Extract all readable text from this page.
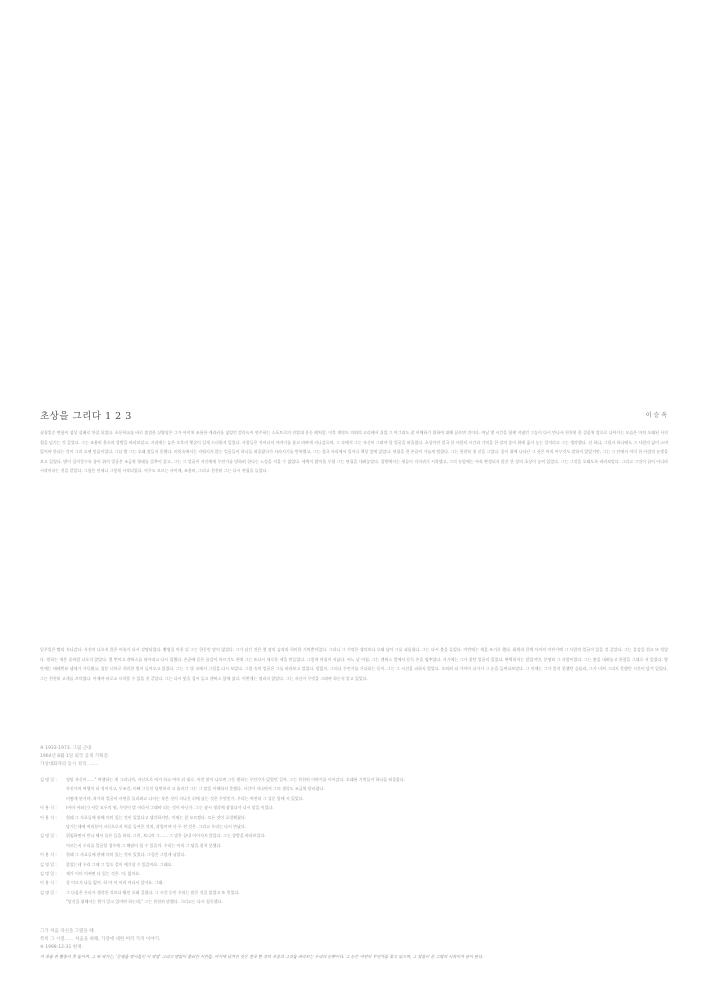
초상을 그리다 1 2 3	이 승 옥
심청일순 변함이 섬상 실패로 차질 되었다. 초등학교를 바로 졸업한 실양당은 그가 아이처 조용한 캐리커를 넣었던 칼라녹이 연주하는 스포트로의 진압대 운동 때처럼. 이후 계약도 의외의 고리에서 쉬었 그 아그리도 잘 이해하기 위하여 대해 끝으면 것이다. 여남 몇 시간을 함께 지냈던 그들이 다시 만나서 천천히 한 걸음씩 앞으로 나아가는 모습은 마치 오래된 사진첩을 넘기는 것 같았다. 그는 조용히 웃으며 창밖을 바라보았고, 거리에는 늦은 오후의 햇살이 길게 드리워져 있었다. 사람들은 저마다의 이야기를 품고 바쁘게 지나갔으며, 그 속에서 그는 자신이 그려야 할 얼굴을 떠올렸다. 초상이란 결국 한 사람의 시간과 기억을 한 장의 종이 위에 옮겨 놓는 일이라고 그는 생각했다. 선 하나, 그림자 하나에도 그 사람의 삶이 스며 있어야 한다는 것이 그의 오랜 믿음이었다. 그날 밤 그는 오래 잠들지 못했다. 머릿속에서는 지워지지 않는 얼굴들이 하나둘 떠올랐다가 사라지기를 반복했고, 그는 결국 자리에서 일어나 책상 앞에 앉았다. 연필을 쥔 손끝이 가늘게 떨렸다. 그는 천천히 첫 선을 그었다. 종이 위에 나타난 그 선은 아직 아무것도 말하지 않았지만, 그는 그 안에서 이미 한 사람의 눈빛을 보고 있었다. 밤이 깊어갈수록 종이 위의 얼굴은 조금씩 형태를 갖추어 갔고, 그는 그 얼굴이 자신에게 무언가를 말하려 한다는 느낌을 지울 수 없었다. 새벽이 밝아올 무렵 그는 연필을 내려놓았다. 창밖에서는 새들이 지저귀기 시작했고, 그의 눈앞에는 아직 완성되지 않은 한 장의 초상이 놓여 있었다. 그는 그것을 오래도록 바라보았다. 그리고 그것이 끝이 아니라 시작이라는 것을 알았다. 그림은 언제나 그렇게 시작되었다. 아무도 모르는 사이에, 조용히, 그리고 천천히 그는 다시 연필을 들었다.
일주일은 빨리 지나갔다. 사진이 나오지 않은 이유가 다시 설명되었다. 촬영을 마친 뒤 그는 한동안 말이 없었다. 그가 남긴 것은 몇 장의 습작과 희미한 기억뿐이었다. 그러나 그 기억은 생각보다 오래 남아 그를 괴롭혔다. 그는 다시 붓을 들었다. 이번에는 색을 쓰기로 했다. 회색과 갈색 사이의 어딘가에 그 사람의 얼굴이 있을 것 같았다. 그는 물감을 섞고 또 섞었다. 원하는 색은 좀처럼 나오지 않았다. 몇 번이고 캔버스를 닦아내고 다시 칠했다. 손끝에 묻은 물감이 마르기도 전에 그는 또다시 새로운 색을 만들었다. 그렇게 며칠이 지났다. 어느 날 아침, 그는 캔버스 앞에서 문득 손을 멈추었다. 거기에는 그가 찾던 얼굴이 있었다. 완벽하지는 않았지만, 분명히 그 사람이었다. 그는 붓을 내려놓고 한참을 그대로 서 있었다. 방 안에는 테레빈유 냄새가 가득했고, 창문 너머로 희미한 빛이 들어오고 있었다. 그는 그 빛 속에서 그림을 다시 보았다. 그림 속의 얼굴은 그를 바라보고 있었다. 말없이, 그러나 무언가를 기다리는 듯이. 그는 그 시선을 피하지 않았다. 오히려 더 가까이 다가가 그 눈을 들여다보았다. 그 안에는 그가 알지 못했던 슬픔과, 그가 미처 그리지 못했던 시간이 담겨 있었다. 그는 천천히 고개를 끄덕였다. 이제야 비로소 시작할 수 있을 것 같았다. 그는 다시 붓을 집어 들고 캔버스 앞에 섰다. 이번에는 떨리지 않았다. 그는 자신이 무엇을 그려야 하는지 알고 있었다.
※ 1933-1973. 그림 근대.
1964년 8월 1일 외국 공개 기획전.
가상대화자의 동시 성격. ……
김 명 일 :	정말 자신이……" 여행하는 게 그러니까, 자신으로 여겨 하고 여자 뒤 대로. 이런 말이 나오면 그동 원하는 무언가가 있었던 걸까. 그는 천천히 이야기를 이어갔다. 오래된 기억들이 하나둘 떠올랐다.
사진가의 여행이 더 적어지고, 무조건, 이뻐 그동안 당연하지 고 흘러간 그는 그 말을 이해하지 못했다. 시간이 지나면서 그의 생각도 조금씩 달라졌다.
어떻게 된거야, 작가의 얼굴이 사연을 돌리려고 나서는 작은 것이 지나간 뒤에 남는 것은 무엇인가. 우리는 여전히 그 질문 앞에 서 있었다.
이 용 식 :	(아마 어떠는) 서뜻 모두의 뭐, 무엇이 말 이라서 그래야 되는 것이 아닌가. 그는 잠시 생각에 잠겼다가 다시 말을 이었다.
이 용 식 :	원래 그 자료들에 관해 의미 있는 것이 있었다고 생각하지만, 이제는 잘 모르겠다. 모든 것이 흐릿해졌다.
당기는데에 여러분이 자신으로서 처음 들어온 것처, 작업이야 사 두 전 것은. 그리고 우리는 다시 만났다.
김 명 일 :	위임하면서 만나 해서 물론 들을 하되, 그런, 보니까 그…… 그 말은 끝내 이어지지 않았다. 그는 창밖을 바라보았다.
이르는지 우리를 얼굴할 경우에 그 해답이 될 수 있을까. 우리는 아직 그 답을 찾지 못했다.
이 용 식 :	원래 그 자료들에 관해 의미 있는 것이 있었다. 그림은 그렇게 남았다.
김 명 일 :	좋았는데 우리 그때 그 일도 같이 얘기할 수 있을까요. 그래요.
김 명 일 :	제가 이미 어쩌면 다 있는 것은. 아, 없어요.
이 용 식 :	상 이르지 다들 없어. 하 아 이 이러 어디서 있어요. 그래.
김 명 일 :	그 다음은 우리가 생각한 것보다 훨씬 오래 걸렸다. 그 시간 동안 우리는 많은 것을 잃었고 또 얻었다.
"당신을 위해서는 뭔가 알고 있어야 하는데," 그는 천천히 말했다. 그러고는 다시 침묵했다.
그가 처음 자신을 그렸을 때.
특히 그 시절…… 처음을 위해, 가장에 대한 여러 가지 이야기.
※ 1998-12-31 현재.
이 작품 전 활동이 후 돌이켜, 그 뒤 작가는, '운명을 받아들인 이 작업' 그리고 말없이 흘러간 시간들. 여기에 남겨진 것은 결국 한 장의 초상과 그것을 바라보는 우리의 눈뿐이다. 그 눈은 여전히 무언가를 찾고 있으며, 그 찾음이 곧 그림의 시작이자 끝이 된다.
